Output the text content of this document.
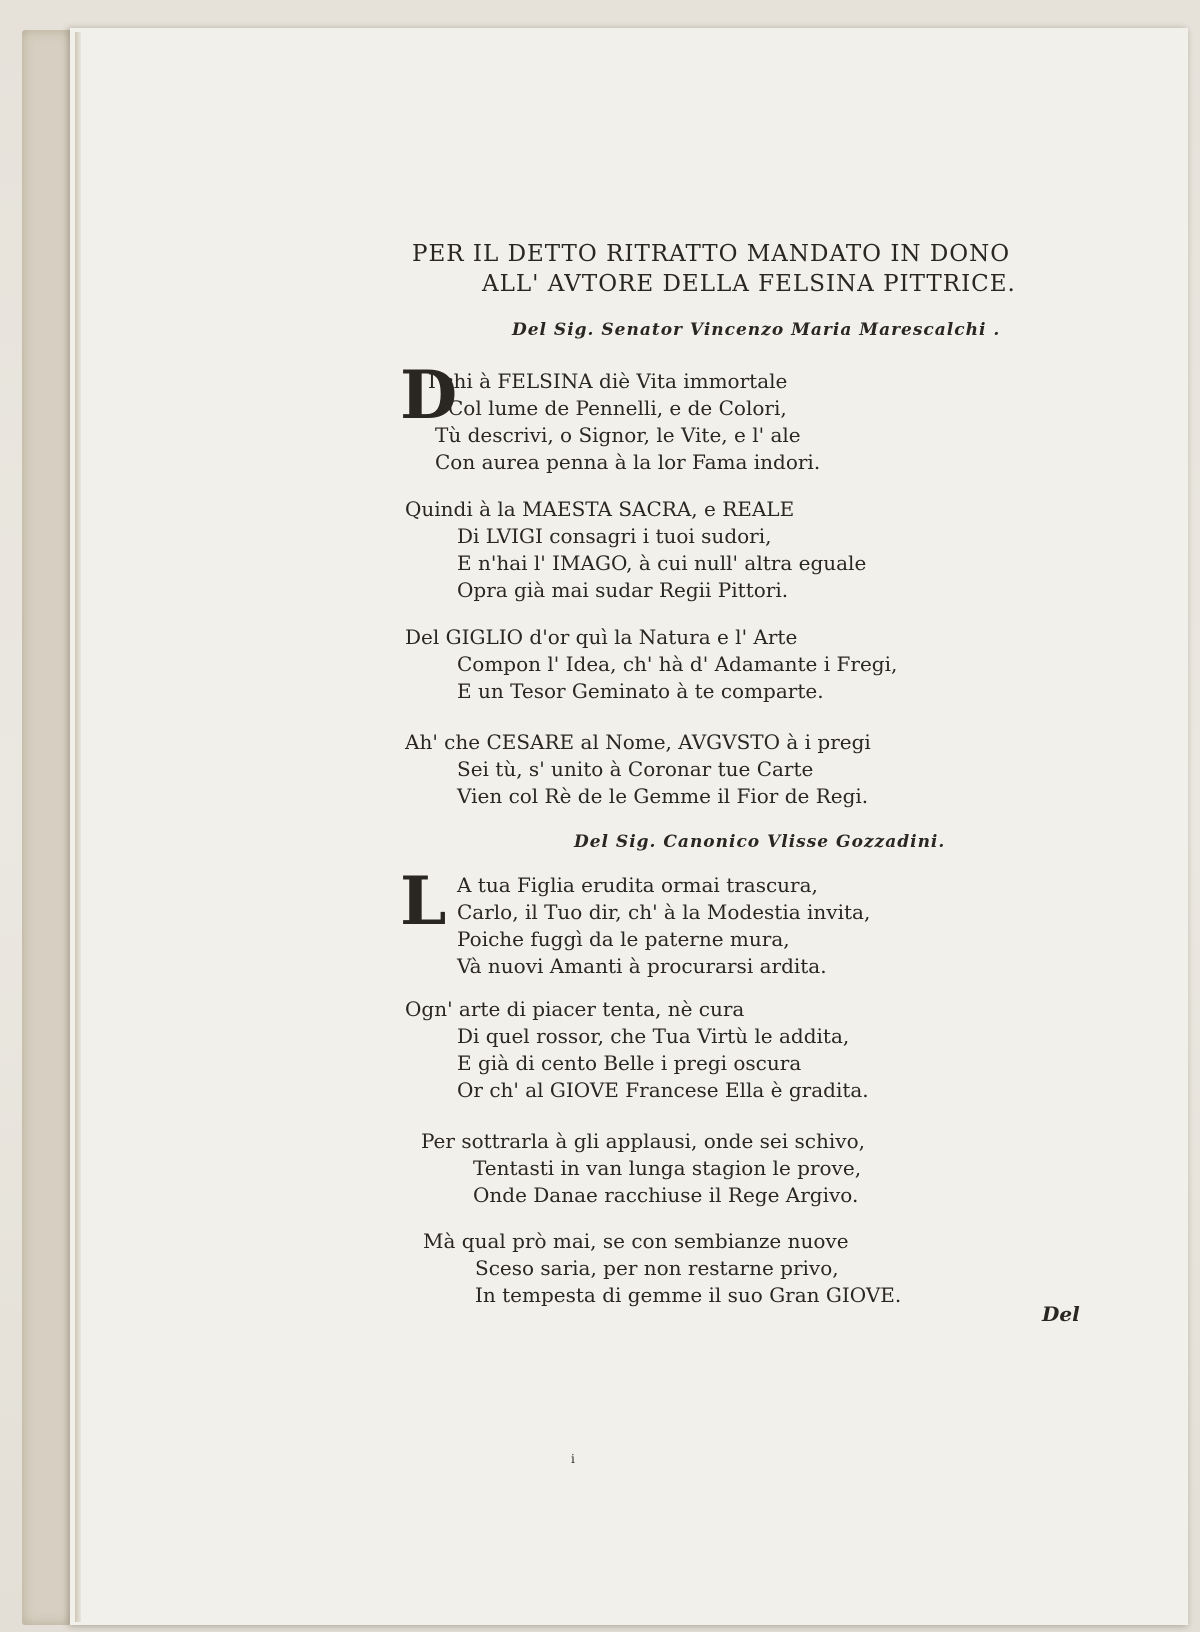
PER IL DETTO RITRATTO MANDATO IN DONO
ALL' AVTORE DELLA FELSINA PITTRICE.
Del Sig. Senator Vincenzo Maria Marescalchi .
D
I chi à FELSINA diè Vita immortale
Col lume de Pennelli, e de Colori,
Tù descrivi, o Signor, le Vite, e l' ale
Con aurea penna à la lor Fama indori.
Quindi à la MAESTA SACRA, e REALE
Di LVIGI consagri i tuoi sudori,
E n'hai l' IMAGO, à cui null' altra eguale
Opra già mai sudar Regii Pittori.
Del GIGLIO d'or quì la Natura e l' Arte
Compon l' Idea, ch' hà d' Adamante i Fregi,
E un Tesor Geminato à te comparte.
Ah' che CESARE al Nome, AVGVSTO à i pregi
Sei tù, s' unito à Coronar tue Carte
Vien col Rè de le Gemme il Fior de Regi.
Del Sig. Canonico Vlisse Gozzadini.
L A tua Figlia erudita ormai trascura,
Carlo, il Tuo dir, ch' à la Modestia invita,
Poiche fuggì da le paterne mura,
Và nuovi Amanti à procurarsi ardita.
Ogn' arte di piacer tenta, nè cura
Di quel rossor, che Tua Virtù le addita,
E già di cento Belle i pregi oscura
Or ch' al GIOVE Francese Ella è gradita.
Per sottrarla à gli applausi, onde sei schivo,
Tentasti in van lunga stagion le prove,
Onde Danae racchiuse il Rege Argivo.
Mà qual prò mai, se con sembianze nuove
Sceso saria, per non restarne privo,
In tempesta di gemme il suo Gran GIOVE.
Del
i
